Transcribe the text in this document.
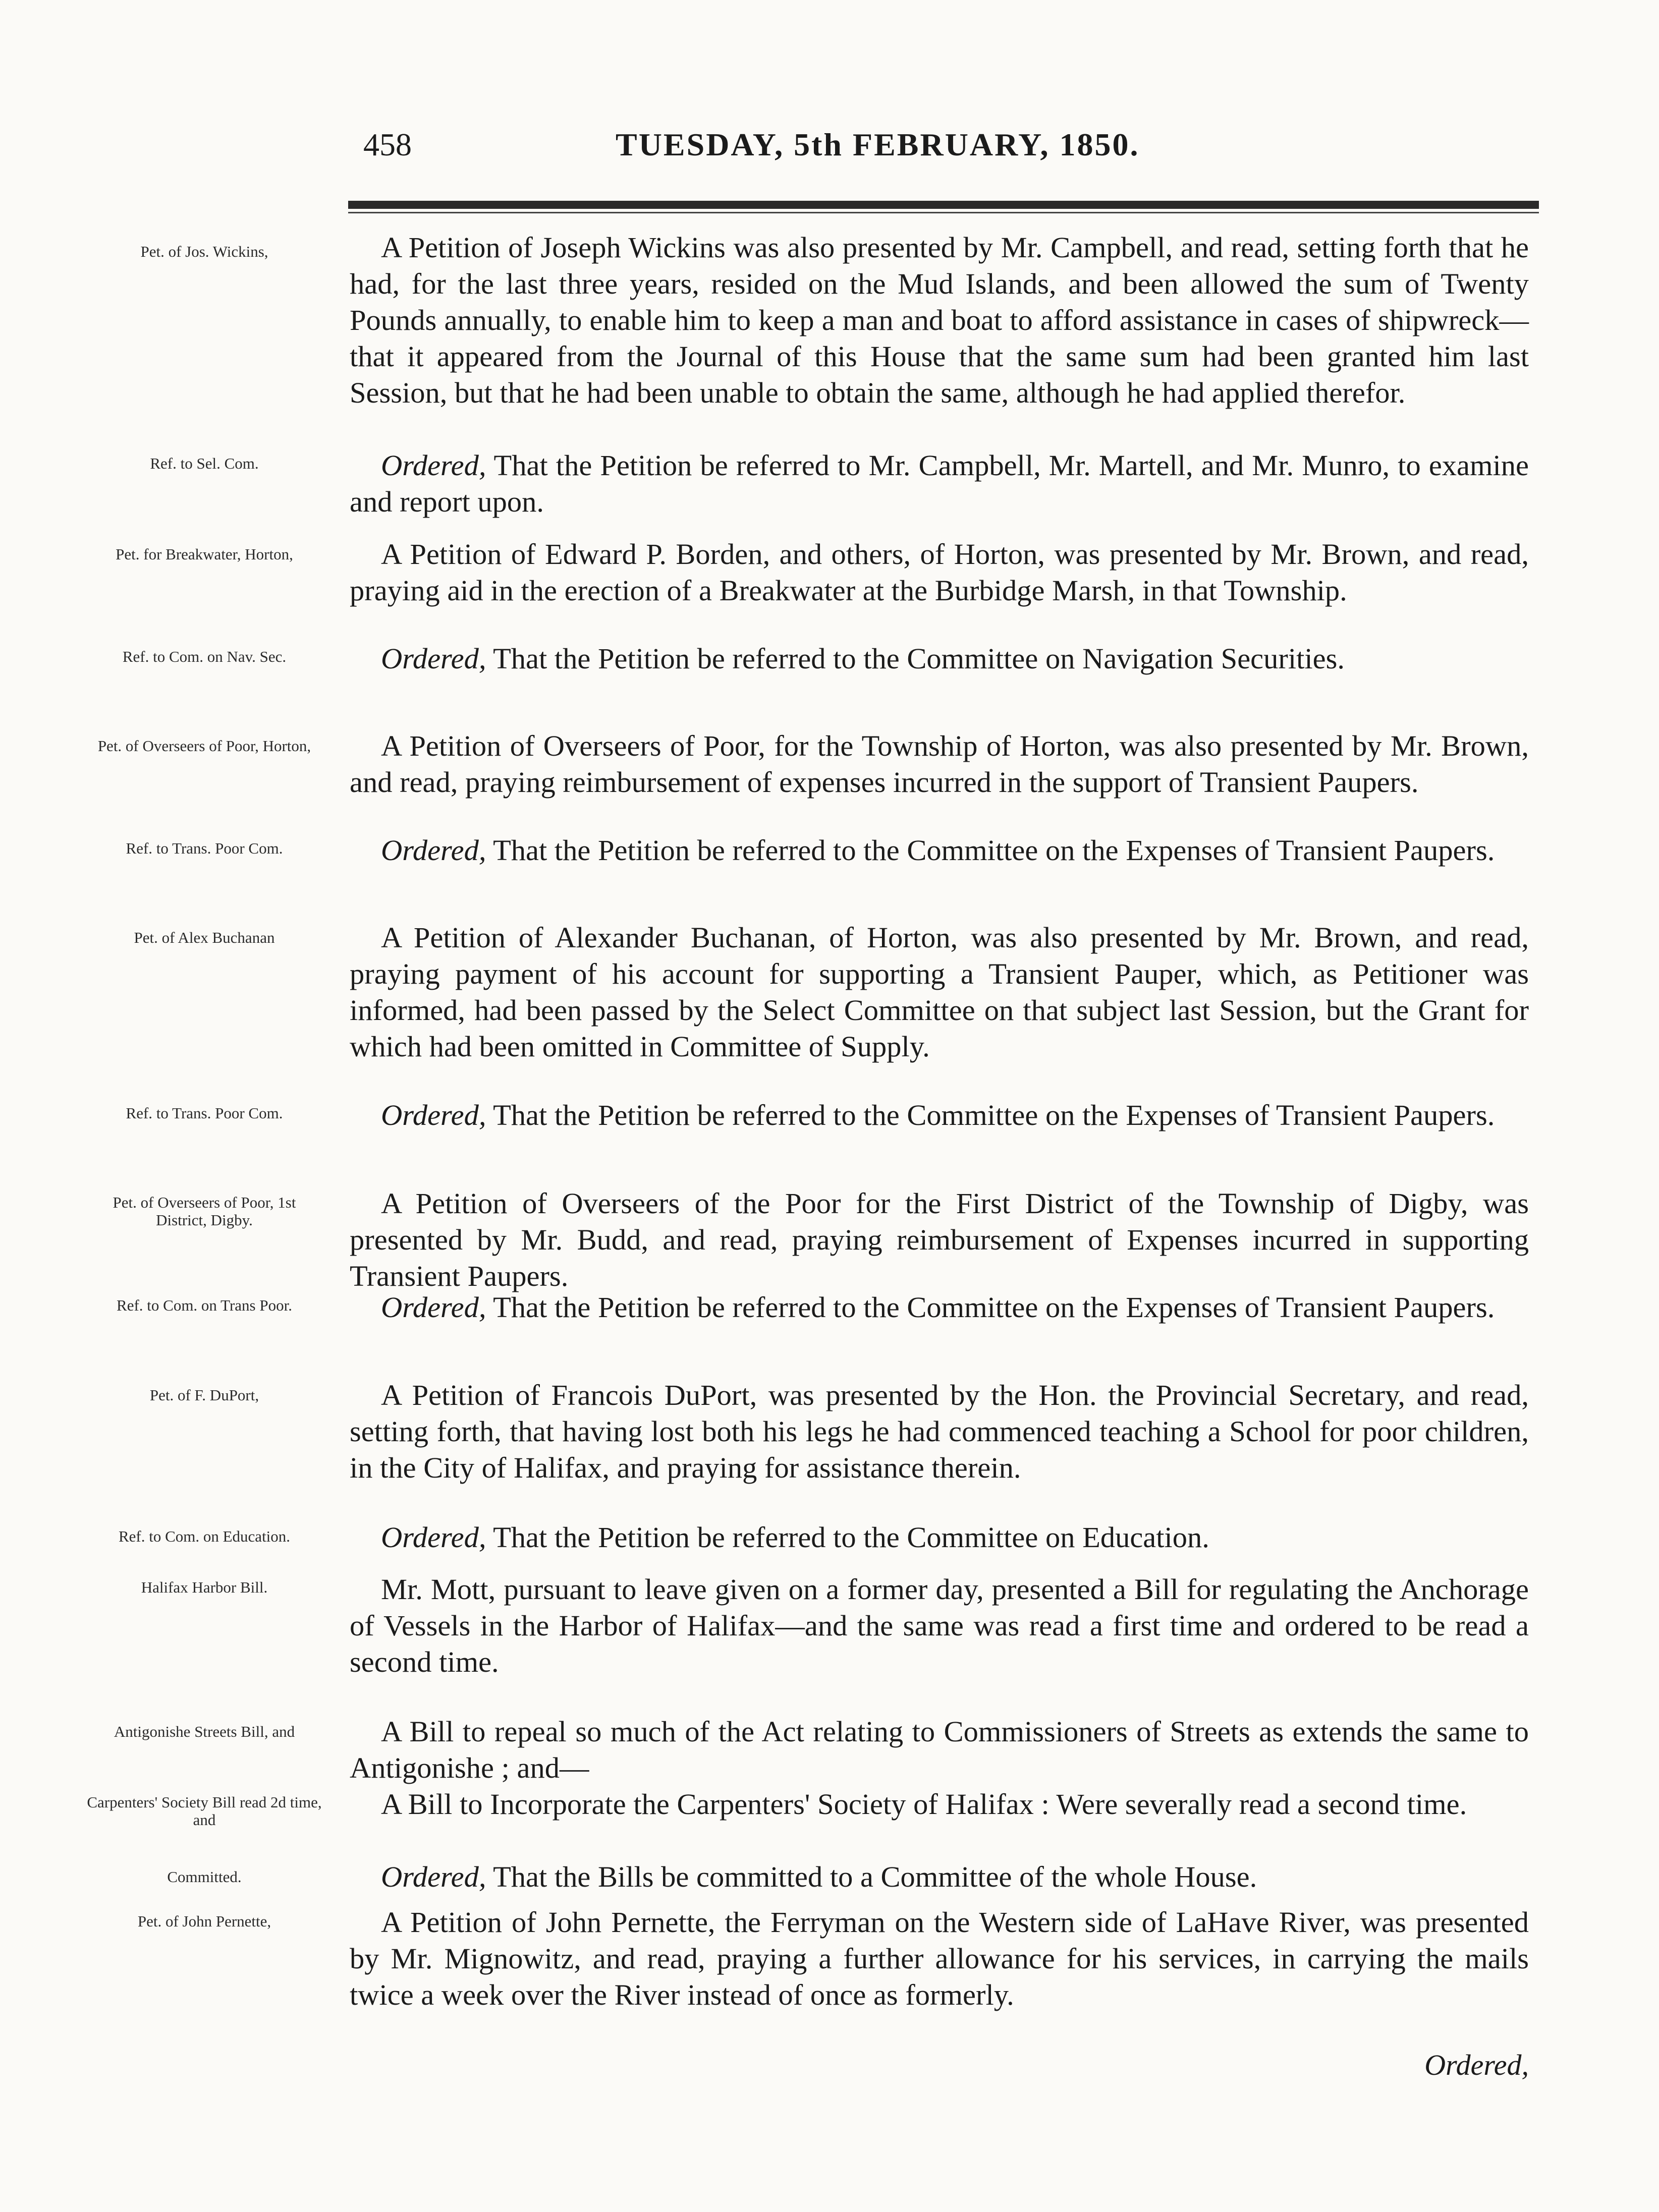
458	TUESDAY, 5th FEBRUARY, 1850.
Pet. of Jos. Wickins,	A Petition of Joseph Wickins was also presented by Mr. Campbell, and read, setting forth that he had, for the last three years, resided on the Mud Islands, and been allowed the sum of Twenty Pounds annually, to enable him to keep a man and boat to afford assistance in cases of shipwreck—that it appeared from the Journal of this House that the same sum had been granted him last Session, but that he had been unable to obtain the same, although he had applied therefor.
Ref. to Sel. Com.	Ordered, That the Petition be referred to Mr. Campbell, Mr. Martell, and Mr. Munro, to examine and report upon.
Pet. for Breakwater, Horton,	A Petition of Edward P. Borden, and others, of Horton, was presented by Mr. Brown, and read, praying aid in the erection of a Breakwater at the Burbidge Marsh, in that Township.
Ref. to Com. on Nav. Sec.	Ordered, That the Petition be referred to the Committee on Navigation Securities.
Pet. of Overseers of Poor, Horton,	A Petition of Overseers of Poor, for the Township of Horton, was also presented by Mr. Brown, and read, praying reimbursement of expenses incurred in the support of Transient Paupers.
Ref. to Trans. Poor Com.	Ordered, That the Petition be referred to the Committee on the Expenses of Transient Paupers.
Pet. of Alex Buchanan	A Petition of Alexander Buchanan, of Horton, was also presented by Mr. Brown, and read, praying payment of his account for supporting a Transient Pauper, which, as Petitioner was informed, had been passed by the Select Committee on that subject last Session, but the Grant for which had been omitted in Committee of Supply.
Ref. to Trans. Poor Com.	Ordered, That the Petition be referred to the Committee on the Expenses of Transient Paupers.
Pet. of Overseers of Poor, 1st District, Digby.
A Petition of Overseers of the Poor for the First District of the Township of Digby, was presented by Mr. Budd, and read, praying reimbursement of Expenses incurred in supporting Transient Paupers.
Ref. to Com. on Trans Poor.	Ordered, That the Petition be referred to the Committee on the Expenses of Transient Paupers.
Pet. of F. DuPort,	A Petition of Francois DuPort, was presented by the Hon. the Provincial Secretary, and read, setting forth, that having lost both his legs he had commenced teaching a School for poor children, in the City of Halifax, and praying for assistance therein.
Ref. to Com. on Education.	Ordered, That the Petition be referred to the Committee on Education.
Halifax Harbor Bill.	Mr. Mott, pursuant to leave given on a former day, presented a Bill for regulating the Anchorage of Vessels in the Harbor of Halifax—and the same was read a first time and ordered to be read a second time.
Antigonishe Streets Bill, and	A Bill to repeal so much of the Act relating to Commissioners of Streets as extends the same to Antigonishe ; and—
Carpenters' Society Bill read 2d time, and	A Bill to Incorporate the Carpenters' Society of Halifax : Were severally read a second time.
Committed.	Ordered, That the Bills be committed to a Committee of the whole House.
Pet. of John Pernette,	A Petition of John Pernette, the Ferryman on the Western side of LaHave River, was presented by Mr. Mignowitz, and read, praying a further allowance for his services, in carrying the mails twice a week over the River instead of once as formerly.
Ordered,
